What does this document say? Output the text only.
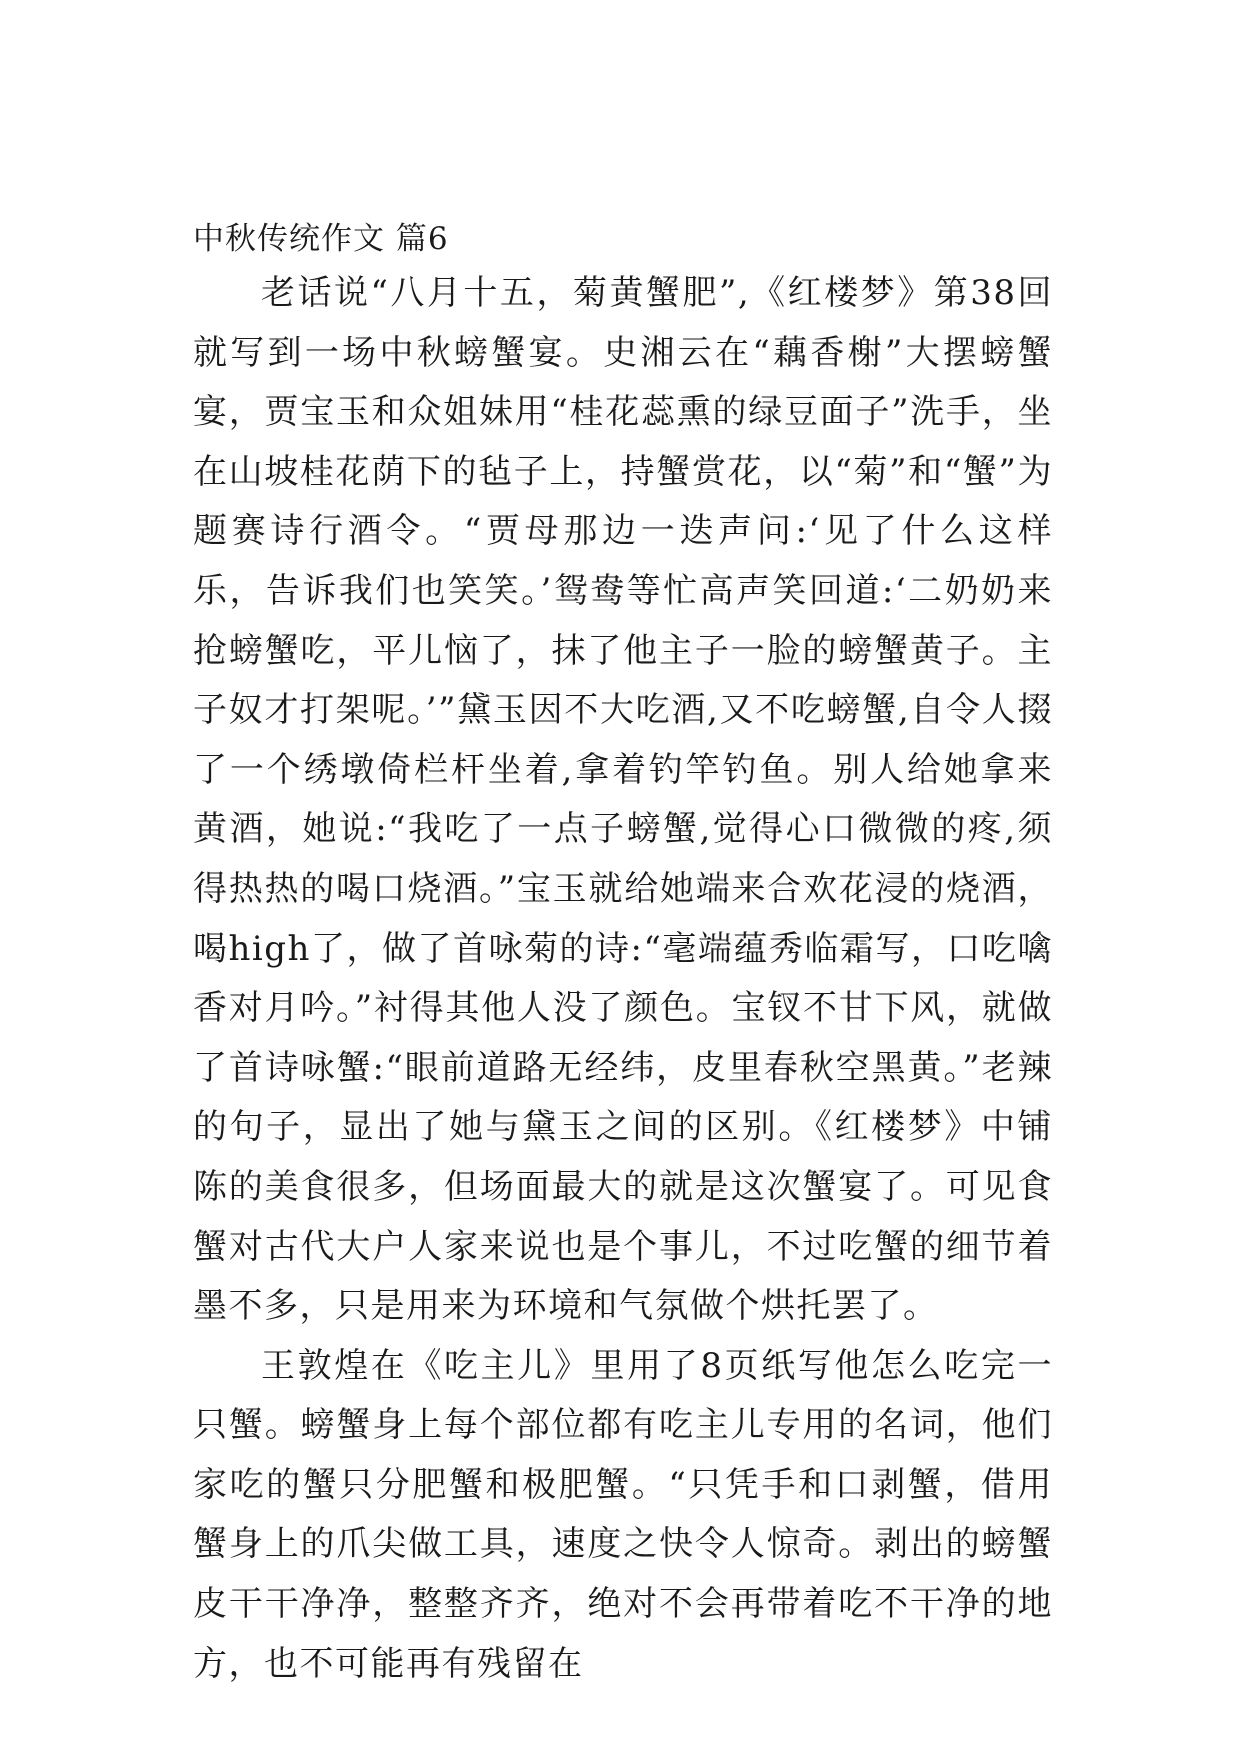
中秋传统作文 篇6

老话说“八月十五，菊黄蟹肥”,《红楼梦》第38回就写到一场中秋螃蟹宴。史湘云在“藕香榭”大摆螃蟹宴，贾宝玉和众姐妹用“桂花蕊熏的绿豆面子”洗手，坐在山坡桂花荫下的毡子上，持蟹赏花，以“菊”和“蟹”为题赛诗行酒令。“贾母那边一迭声问:‘见了什么这样乐，告诉我们也笑笑。’鸳鸯等忙高声笑回道:‘二奶奶来抢螃蟹吃，平儿恼了，抹了他主子一脸的螃蟹黄子。主子奴才打架呢。’”黛玉因不大吃酒,又不吃螃蟹,自令人掇了一个绣墩倚栏杆坐着,拿着钓竿钓鱼。别人给她拿来黄酒，她说:“我吃了一点子螃蟹,觉得心口微微的疼,须得热热的喝口烧酒。”宝玉就给她端来合欢花浸的烧酒，喝high了，做了首咏菊的诗:“毫端蕴秀临霜写，口吃噙香对月吟。”衬得其他人没了颜色。宝钗不甘下风，就做了首诗咏蟹:“眼前道路无经纬，皮里春秋空黑黄。”老辣的句子，显出了她与黛玉之间的区别。《红楼梦》中铺陈的美食很多，但场面最大的就是这次蟹宴了。可见食蟹对古代大户人家来说也是个事儿，不过吃蟹的细节着墨不多，只是用来为环境和气氛做个烘托罢了。

王敦煌在《吃主儿》里用了8页纸写他怎么吃完一只蟹。螃蟹身上每个部位都有吃主儿专用的名词，他们家吃的蟹只分肥蟹和极肥蟹。“只凭手和口剥蟹，借用蟹身上的爪尖做工具，速度之快令人惊奇。剥出的螃蟹皮干干净净，整整齐齐，绝对不会再带着吃不干净的地方，也不可能再有残留在
